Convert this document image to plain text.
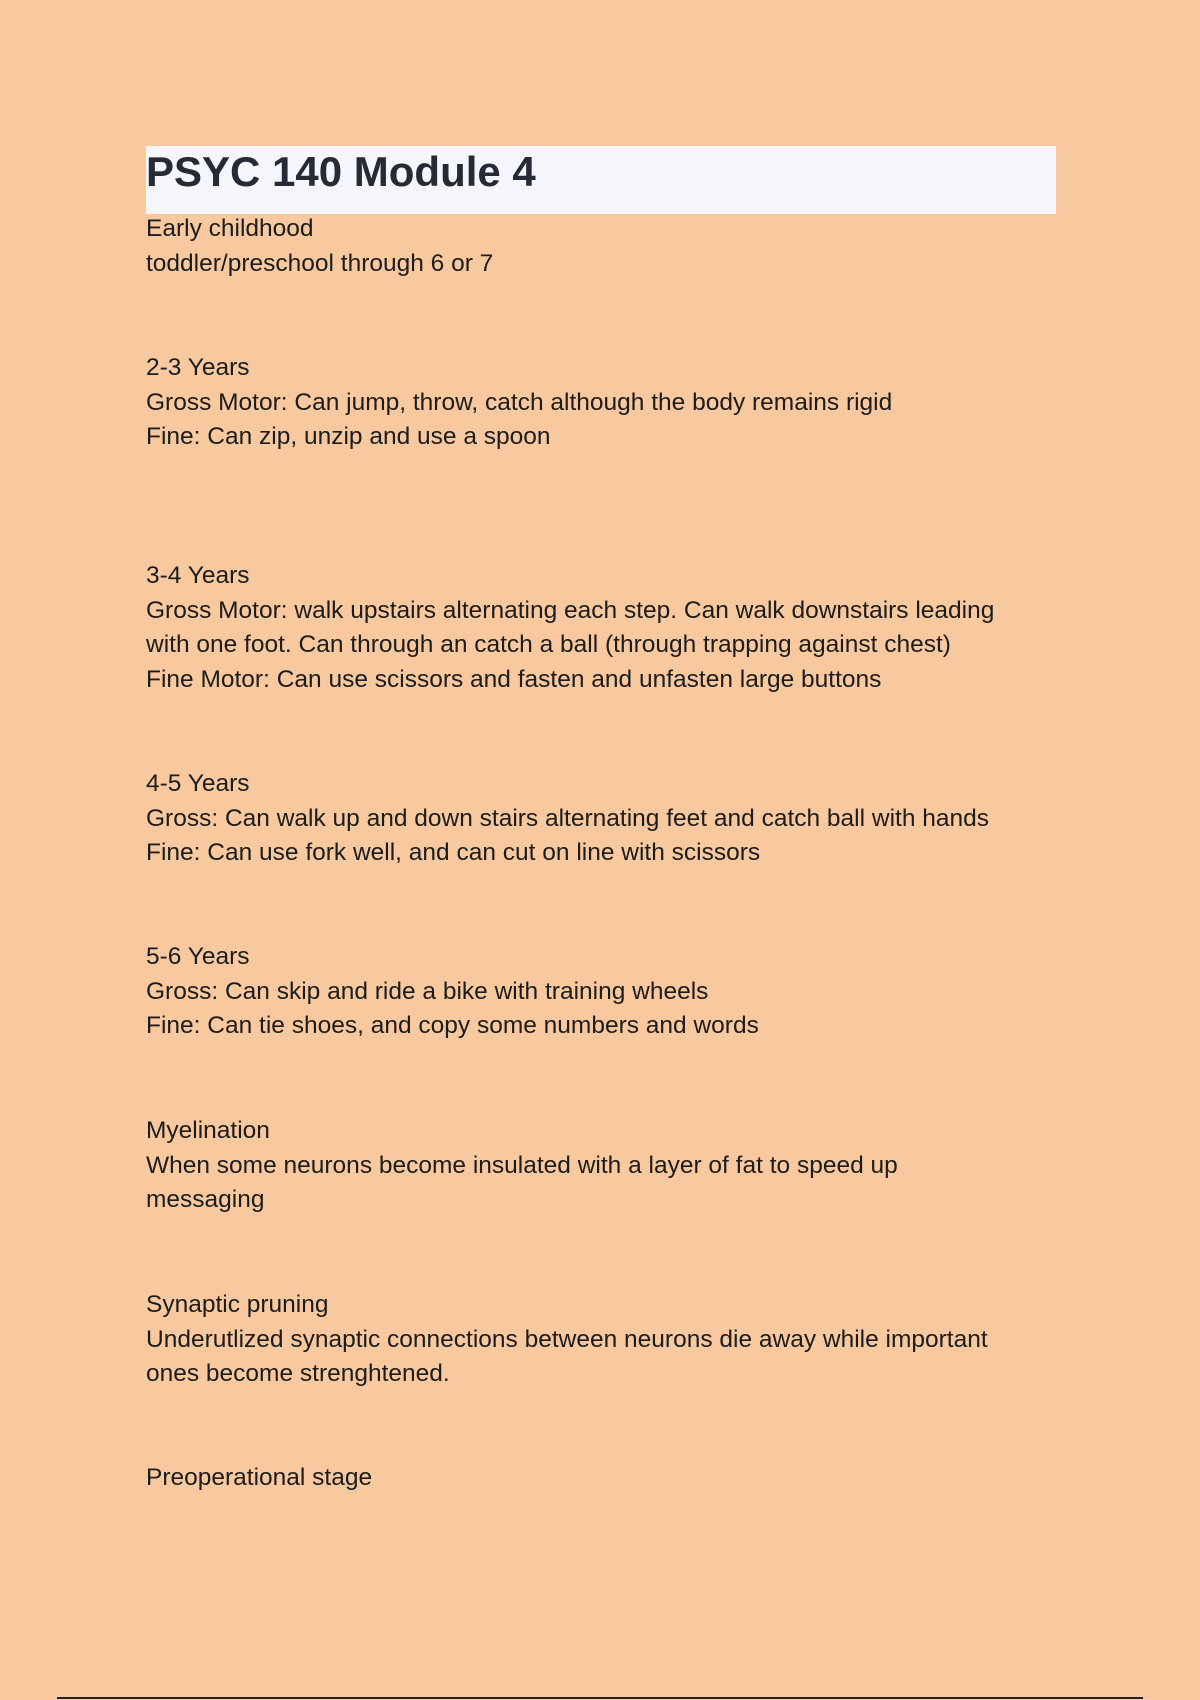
PSYC 140 Module 4
Early childhood
toddler/preschool through 6 or 7
2-3 Years
Gross Motor: Can jump, throw, catch although the body remains rigid
Fine: Can zip, unzip and use a spoon
3-4 Years
Gross Motor: walk upstairs alternating each step. Can walk downstairs leading
with one foot. Can through an catch a ball (through trapping against chest)
Fine Motor: Can use scissors and fasten and unfasten large buttons
4-5 Years
Gross: Can walk up and down stairs alternating feet and catch ball with hands
Fine: Can use fork well, and can cut on line with scissors
5-6 Years
Gross: Can skip and ride a bike with training wheels
Fine: Can tie shoes, and copy some numbers and words
Myelination
When some neurons become insulated with a layer of fat to speed up
messaging
Synaptic pruning
Underutlized synaptic connections between neurons die away while important
ones become strenghtened.
Preoperational stage
